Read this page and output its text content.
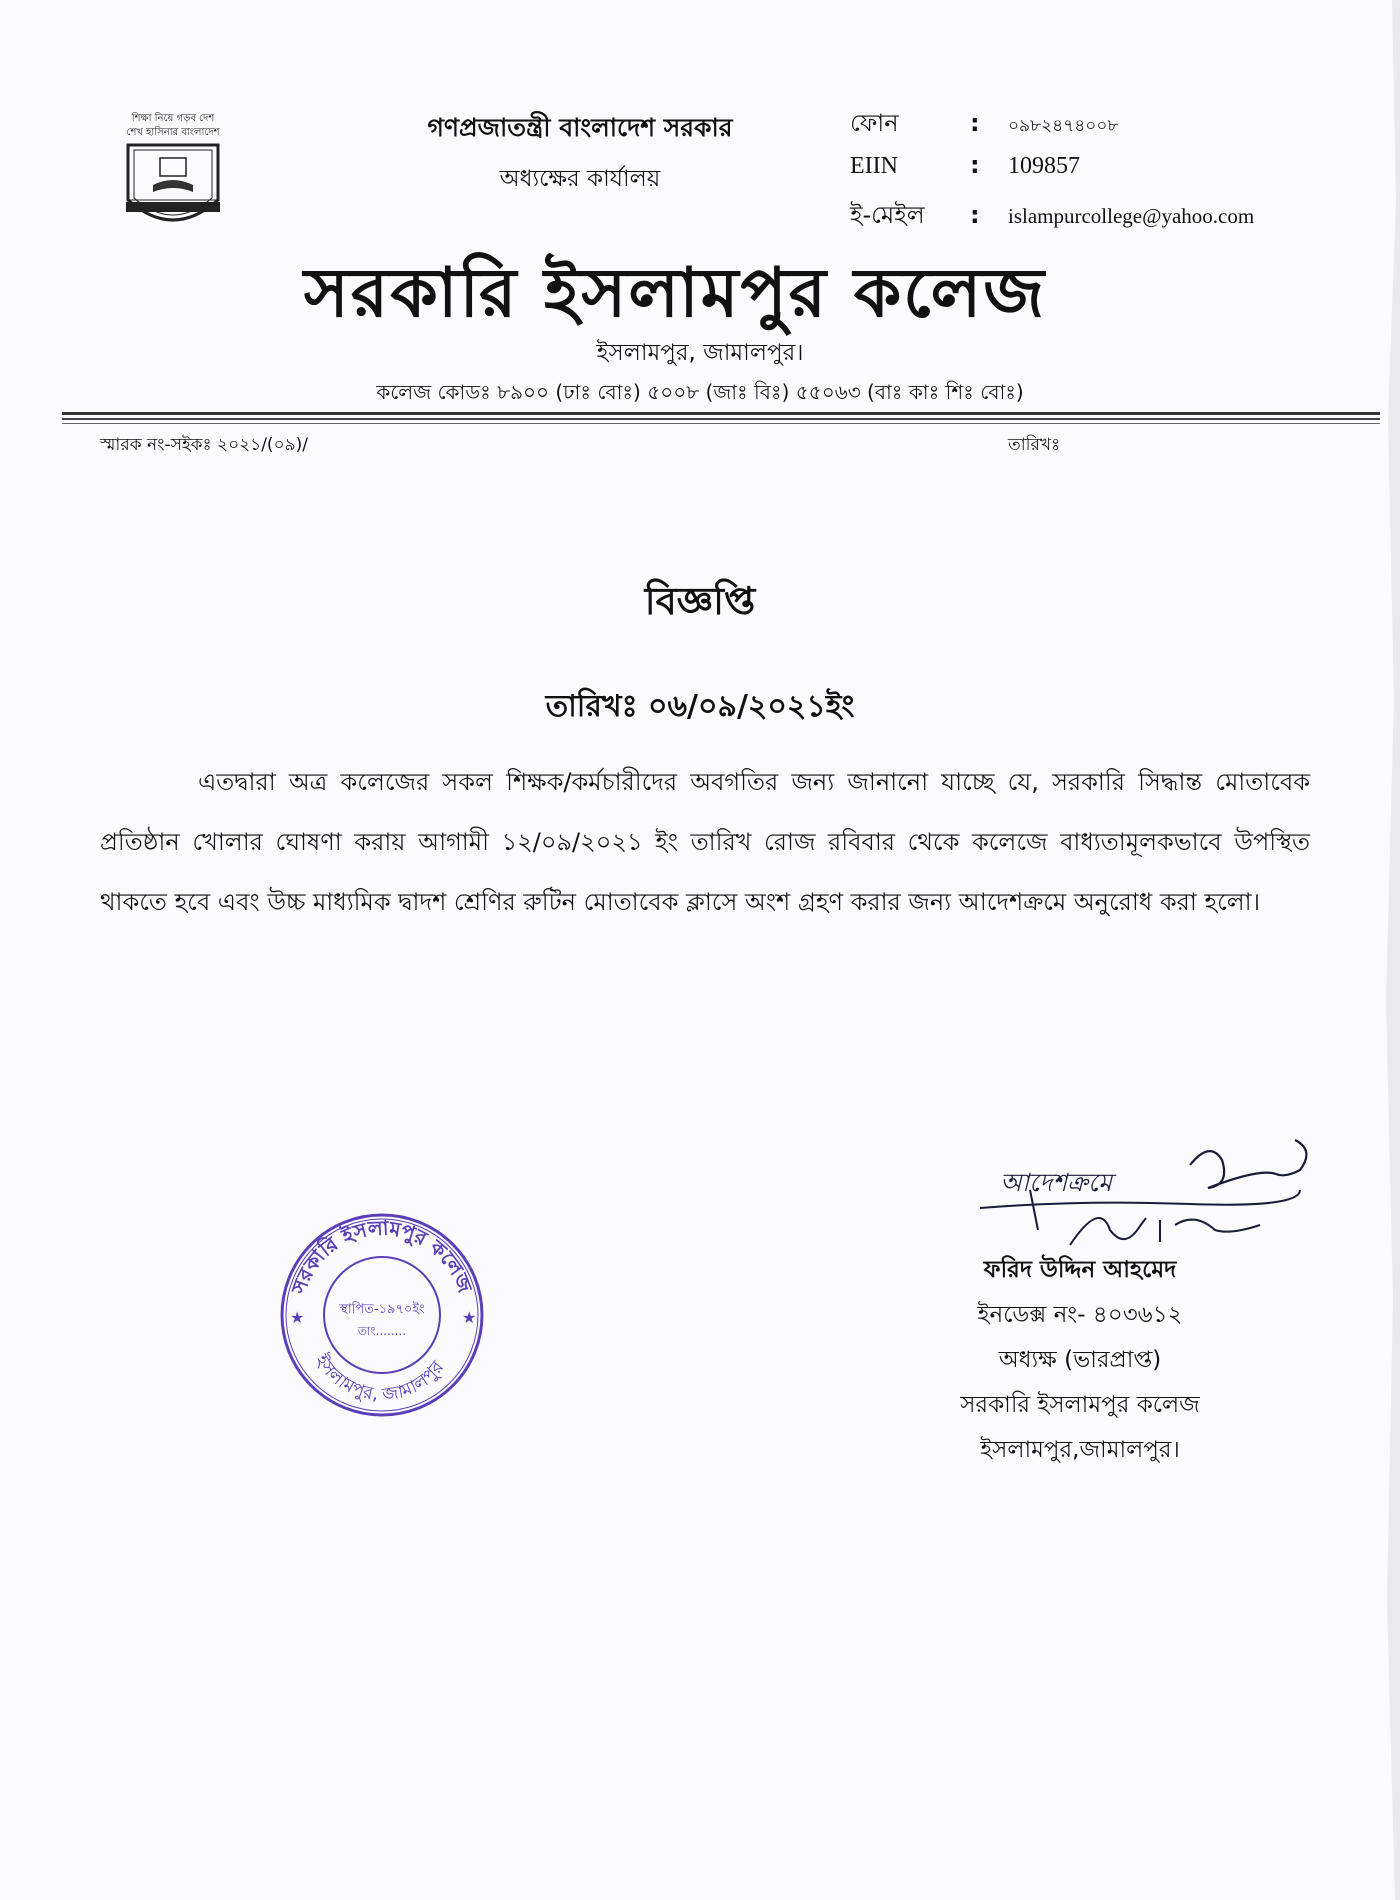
শিক্ষা নিয়ে গড়ব দেশ
শেখ হাসিনার বাংলাদেশ	গণপ্রজাতন্ত্রী বাংলাদেশ সরকার
অধ্যক্ষের কার্যালয়
ফোন	:	০৯৮২৪৭৪০০৮
EIIN	:	109857
ই-মেইল	:	islampurcollege@yahoo.com
সরকারি ইসলামপুর কলেজ
ইসলামপুর, জামালপুর।
কলেজ কোডঃ ৮৯০০ (ঢাঃ বোঃ) ৫০০৮ (জাঃ বিঃ) ৫৫০৬৩ (বাঃ কাঃ শিঃ বোঃ)
স্মারক নং-সইকঃ ২০২১/(০৯)/	তারিখঃ
বিজ্ঞপ্তি
তারিখঃ ০৬/০৯/২০২১ইং
এতদ্বারা অত্র কলেজের সকল শিক্ষক/কর্মচারীদের অবগতির জন্য জানানো যাচ্ছে যে, সরকারি সিদ্ধান্ত মোতাবেক প্রতিষ্ঠান খোলার ঘোষণা করায় আগামী ১২/০৯/২০২১ ইং তারিখ রোজ রবিবার থেকে কলেজে বাধ্যতামূলকভাবে উপস্থিত থাকতে হবে এবং উচ্চ মাধ্যমিক দ্বাদশ শ্রেণির রুটিন মোতাবেক ক্লাসে অংশ গ্রহণ করার জন্য আদেশক্রমে অনুরোধ করা হলো।
সরকারি ইসলামপুর কলেজ
ইসলামপুর, জামালপুর
স্থাপিত-১৯৭০ইং
তাং........
★	★
আদেশক্রমে
ফরিদ উদ্দিন আহমেদ
ইনডেক্স নং- ৪০৩৬১২
অধ্যক্ষ (ভারপ্রাপ্ত)
সরকারি ইসলামপুর কলেজ
ইসলামপুর,জামালপুর।
